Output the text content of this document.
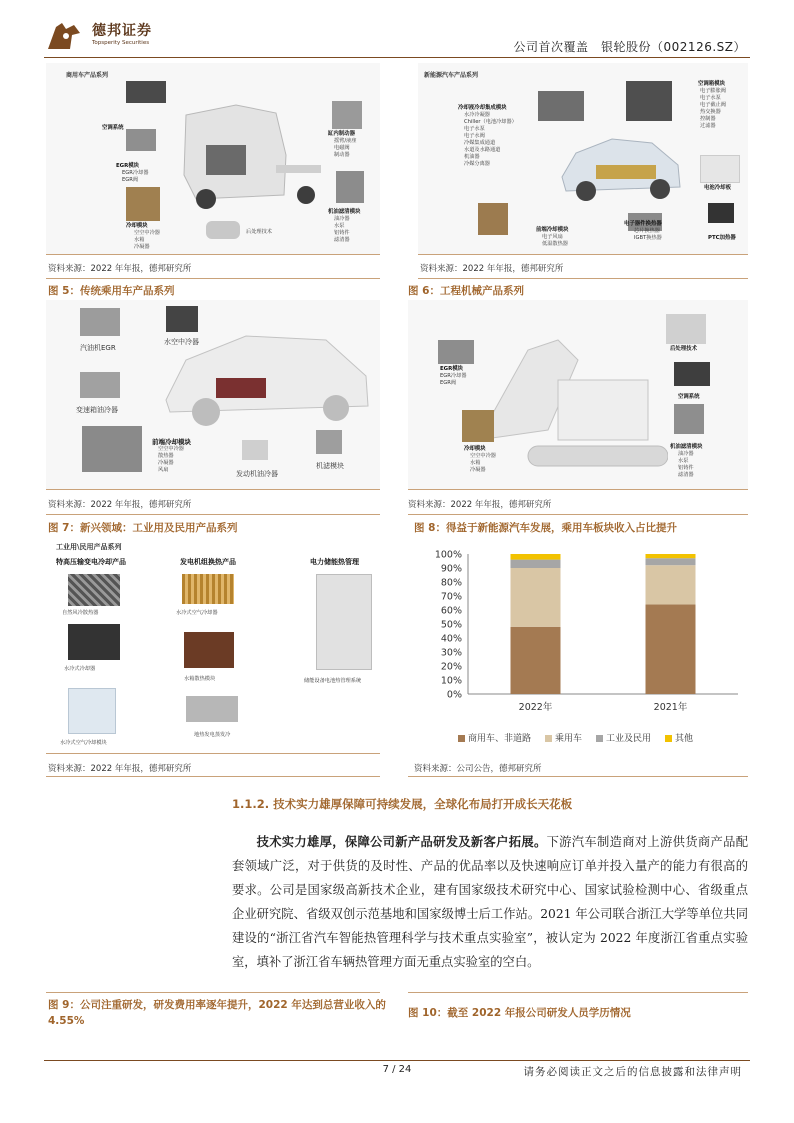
德邦证券
Topsperity Securities	公司首次覆盖　银轮股份（002126.SZ）
商用车产品系列
空调系统
EGR模块
EGR冷却器
EGR阀
冷却模块
空空中冷器
水箱
冷凝器
后处理技术
缸内制动器
摇臂/液座
电磁阀
制动器
机油滤清模块
油冷器
水泵
铝铸件
滤清器
新能源汽车产品系列
冷却液冷却集成模块
水冷冷凝器
Chiller（电池冷却器）
电子水泵
电子水阀
冷媒集成通道
水道及水路通道
机油器
冷媒分离器
空调箱模块
电子膨胀阀
电子水泵
电子截止阀
热交换器
控制器
过滤器
前端冷却模块
电子风扇
低温散热器
电子器件换热器
芯片换热器
IGBT换热器
电池冷却板
PTC加热器
资料来源：2022 年年报，德邦研究所	资料来源：2022 年年报，德邦研究所
图 5：传统乘用车产品系列	图 6：工程机械产品系列
汽油机EGR
水空中冷器
变速箱油冷器
前端冷却模块
空空中冷器
散热器
冷凝器
风扇	发动机油冷器
机滤模块
EGR模块
EGR冷却器
EGR阀
后处理技术
冷却模块
空空中冷器
水箱
冷凝器
空调系统
机油滤清模块
油冷器
水泵
铝铸件
滤清器
资料来源：2022 年年报，德邦研究所	资料来源：2022 年年报，德邦研究所
图 7：新兴领域：工业用及民用产品系列	图 8：得益于新能源汽车发展，乘用车板块收入占比提升
工业用\民用产品系列
特高压输变电冷却产品	发电机组换热产品	电力储能热管理
自然风冷散热器
水冷式冷却器
水冷式空气冷却模块
水冷式空气冷却器
水箱散热模块
地热发电蒸发冷
储能设备电池热管理系统
100%
90%
80%
70%
60%
50%
40%
30%
20%
10%
0%
2022年	2021年
商用车、非道路	乘用车	工业及民用	其他
资料来源：2022 年年报，德邦研究所	资料来源：公司公告，德邦研究所
1.1.2. 技术实力雄厚保障可持续发展，全球化布局打开成长天花板
技术实力雄厚，保障公司新产品研发及新客户拓展。下游汽车制造商对上游供货商产品配套领域广泛，对于供货的及时性、产品的优品率以及快速响应订单并投入量产的能力有很高的要求。公司是国家级高新技术企业，建有国家级技术研究中心、国家试验检测中心、省级重点企业研究院、省级双创示范基地和国家级博士后工作站。2021 年公司联合浙江大学等单位共同建设的“浙江省汽车智能热管理科学与技术重点实验室”，被认定为 2022 年度浙江省重点实验室，填补了浙江省车辆热管理方面无重点实验室的空白。
图 9：公司注重研发，研发费用率逐年提升，2022 年达到总营业收入的 4.55%
图 10：截至 2022 年报公司研发人员学历情况
7 / 24	请务必阅读正文之后的信息披露和法律声明
